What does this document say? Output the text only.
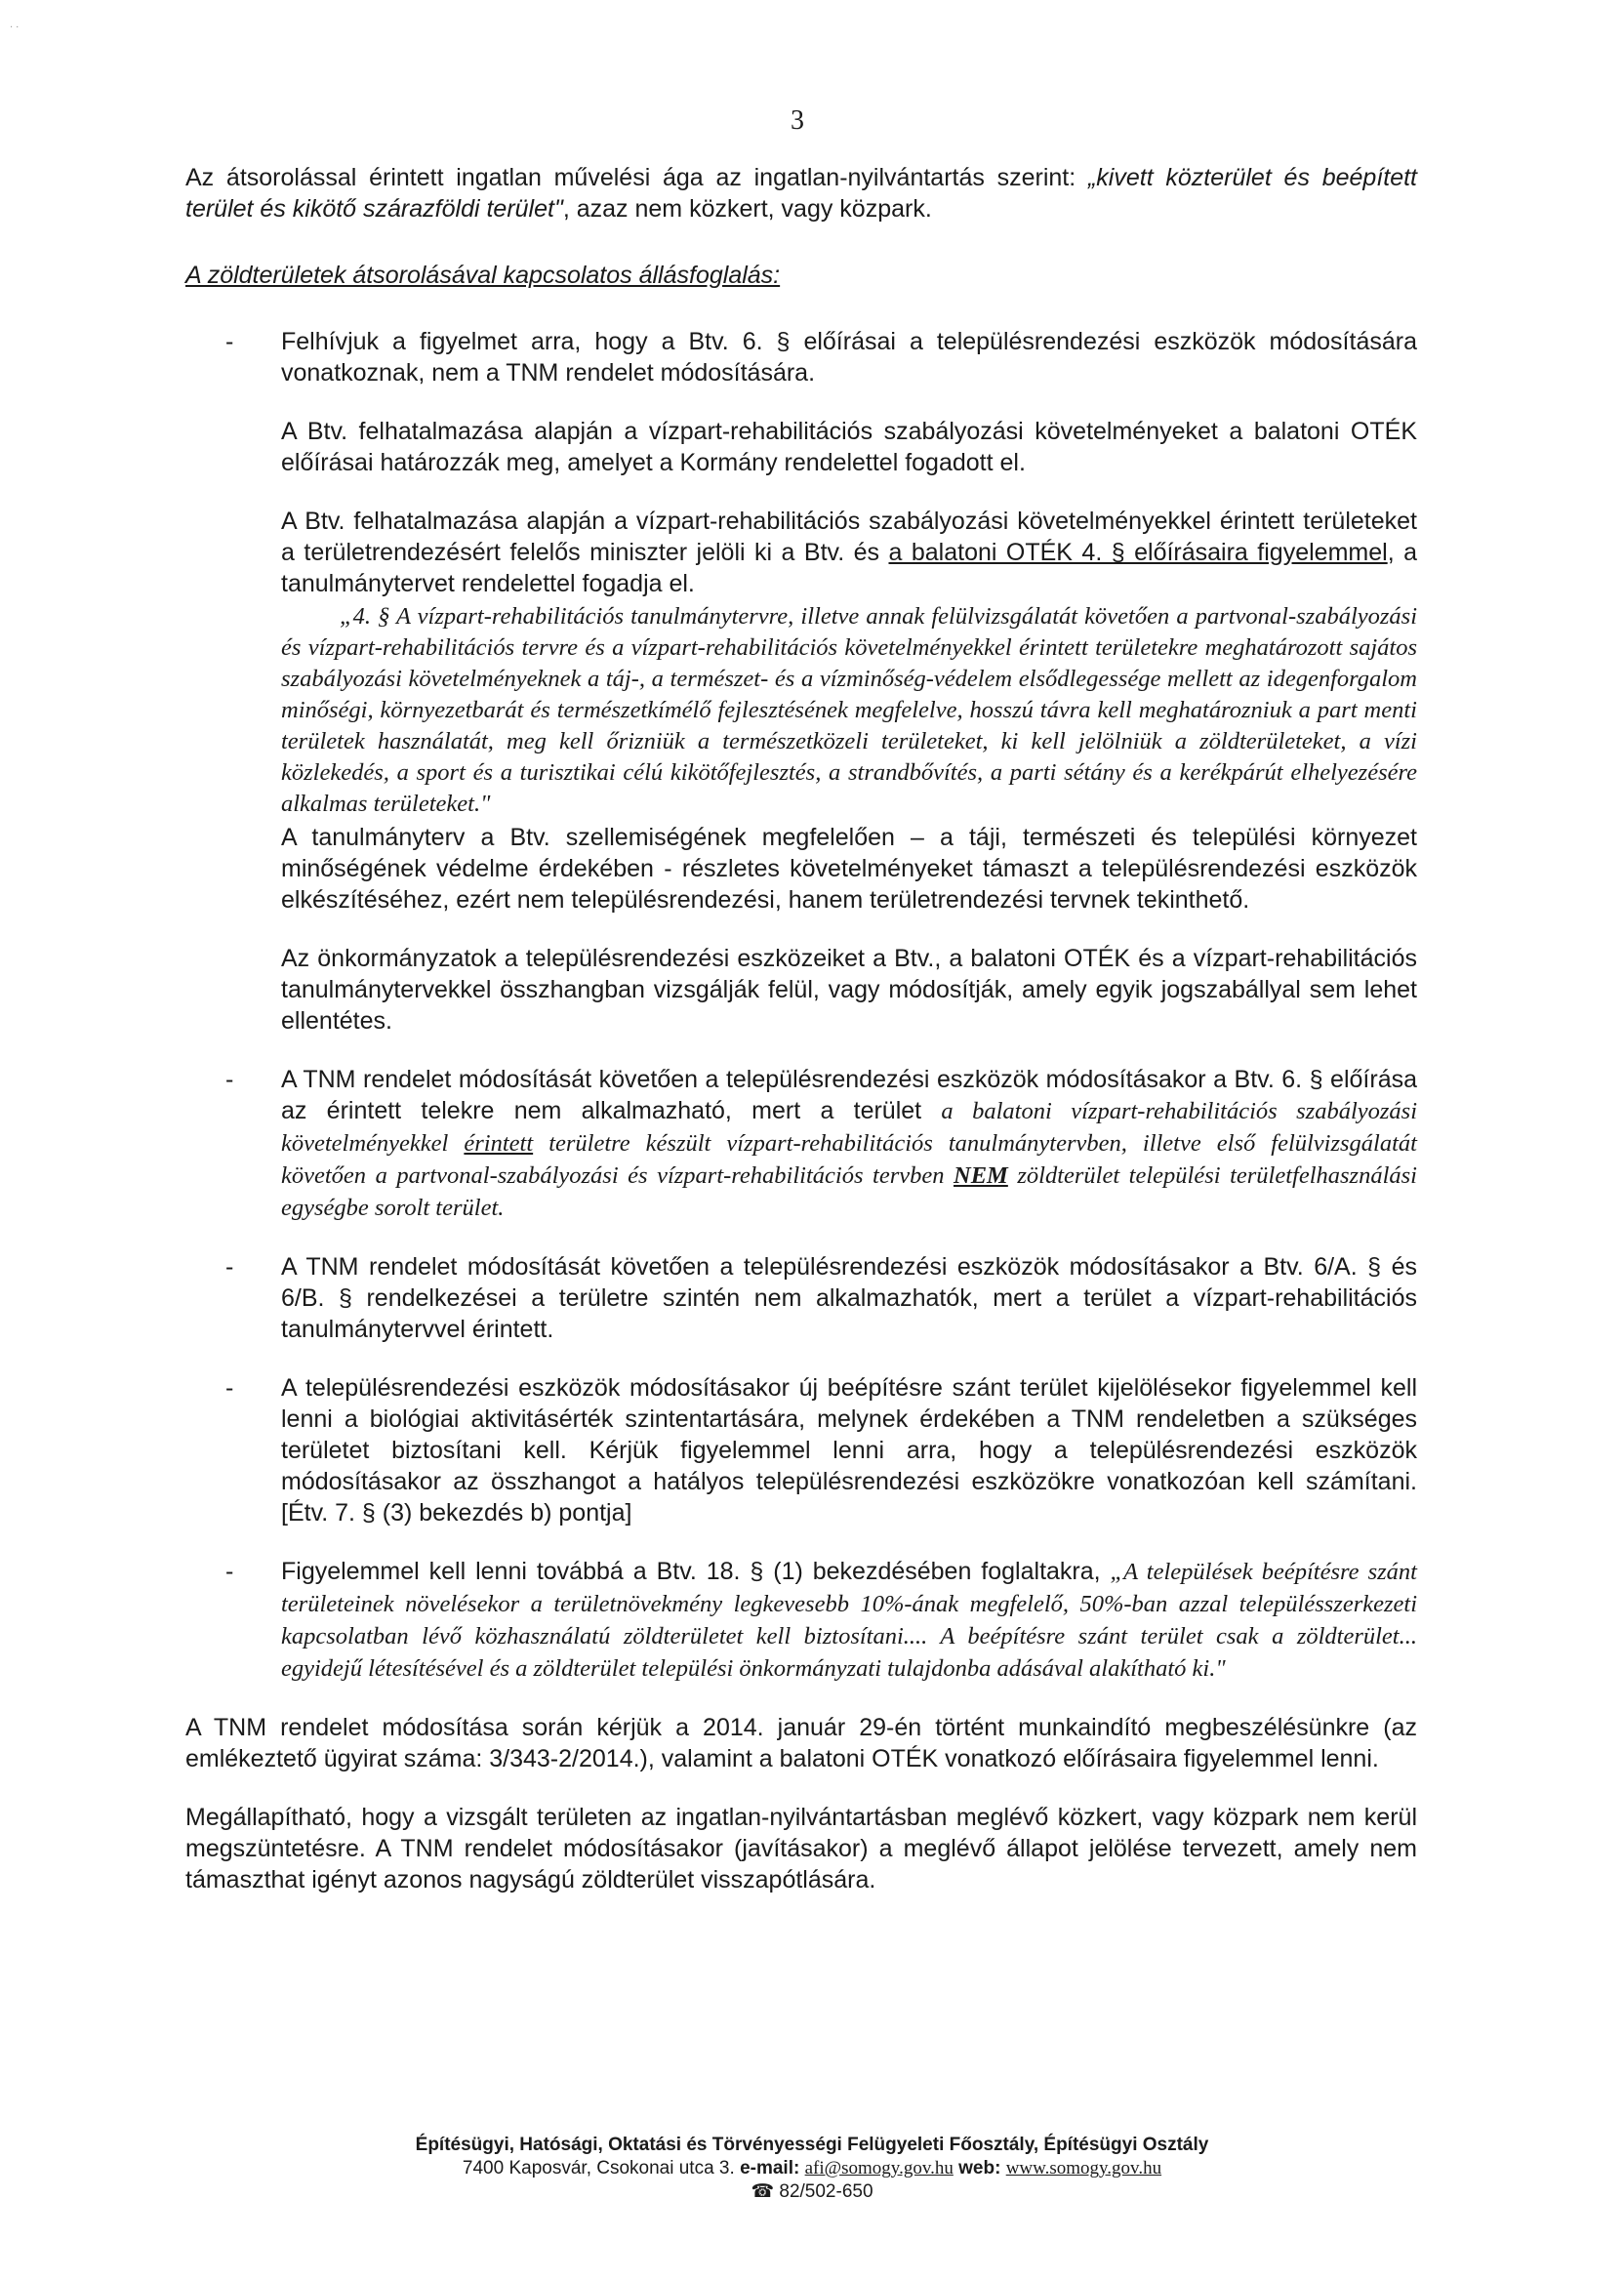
· ⸱
3

Az átsorolással érintett ingatlan művelési ága az ingatlan-nyilvántartás szerint: „kivett közterület és beépített terület és kikötő szárazföldi terület", azaz nem közkert, vagy közpark.

A zöldterületek átsorolásával kapcsolatos állásfoglalás:

- Felhívjuk a figyelmet arra, hogy a Btv. 6. § előírásai a településrendezési eszközök módosítására vonatkoznak, nem a TNM rendelet módosítására.

A Btv. felhatalmazása alapján a vízpart-rehabilitációs szabályozási követelményeket a balatoni OTÉK előírásai határozzák meg, amelyet a Kormány rendelettel fogadott el.

A Btv. felhatalmazása alapján a vízpart-rehabilitációs szabályozási követelményekkel érintett területeket a területrendezésért felelős miniszter jelöli ki a Btv. és a balatoni OTÉK 4. § előírásaira figyelemmel, a tanulmánytervet rendelettel fogadja el.

„4. § A vízpart-rehabilitációs tanulmánytervre, illetve annak felülvizsgálatát követően a partvonal-szabályozási és vízpart-rehabilitációs tervre és a vízpart-rehabilitációs követelményekkel érintett területekre meghatározott sajátos szabályozási követelményeknek a táj-, a természet- és a vízminőség-védelem elsődlegessége mellett az idegenforgalom minőségi, környezetbarát és természetkímélő fejlesztésének megfelelve, hosszú távra kell meghatározniuk a part menti területek használatát, meg kell őrizniük a természetközeli területeket, ki kell jelölniük a zöldterületeket, a vízi közlekedés, a sport és a turisztikai célú kikötőfejlesztés, a strandbővítés, a parti sétány és a kerékpárút elhelyezésére alkalmas területeket."

A tanulmányterv a Btv. szellemiségének megfelelően – a táji, természeti és települési környezet minőségének védelme érdekében - részletes követelményeket támaszt a településrendezési eszközök elkészítéséhez, ezért nem településrendezési, hanem területrendezési tervnek tekinthető.

Az önkormányzatok a településrendezési eszközeiket a Btv., a balatoni OTÉK és a vízpart-rehabilitációs tanulmánytervekkel összhangban vizsgálják felül, vagy módosítják, amely egyik jogszabállyal sem lehet ellentétes.

- A TNM rendelet módosítását követően a településrendezési eszközök módosításakor a Btv. 6. § előírása az érintett telekre nem alkalmazható, mert a terület a balatoni vízpart-rehabilitációs szabályozási követelményekkel érintett területre készült vízpart-rehabilitációs tanulmánytervben, illetve első felülvizsgálatát követően a partvonal-szabályozási és vízpart-rehabilitációs tervben NEM zöldterület települési területfelhasználási egységbe sorolt terület.

- A TNM rendelet módosítását követően a településrendezési eszközök módosításakor a Btv. 6/A. § és 6/B. § rendelkezései a területre szintén nem alkalmazhatók, mert a terület a vízpart-rehabilitációs tanulmánytervvel érintett.

- A településrendezési eszközök módosításakor új beépítésre szánt terület kijelölésekor figyelemmel kell lenni a biológiai aktivitásérték szintentartására, melynek érdekében a TNM rendeletben a szükséges területet biztosítani kell. Kérjük figyelemmel lenni arra, hogy a településrendezési eszközök módosításakor az összhangot a hatályos településrendezési eszközökre vonatkozóan kell számítani. [Étv. 7. § (3) bekezdés b) pontja]

- Figyelemmel kell lenni továbbá a Btv. 18. § (1) bekezdésében foglaltakra, „A települések beépítésre szánt területeinek növelésekor a területnövekmény legkevesebb 10%-ának megfelelő, 50%-ban azzal településszerkezeti kapcsolatban lévő közhasználatú zöldterületet kell biztosítani.... A beépítésre szánt terület csak a zöldterület... egyidejű létesítésével és a zöldterület települési önkormányzati tulajdonba adásával alakítható ki."

A TNM rendelet módosítása során kérjük a 2014. január 29-én történt munkaindító megbeszélésünkre (az emlékeztető ügyirat száma: 3/343-2/2014.), valamint a balatoni OTÉK vonatkozó előírásaira figyelemmel lenni.

Megállapítható, hogy a vizsgált területen az ingatlan-nyilvántartásban meglévő közkert, vagy közpark nem kerül megszüntetésre. A TNM rendelet módosításakor (javításakor) a meglévő állapot jelölése tervezett, amely nem támaszthat igényt azonos nagyságú zöldterület visszapótlására.

Építésügyi, Hatósági, Oktatási és Törvényességi Felügyeleti Főosztály, Építésügyi Osztály
7400 Kaposvár, Csokonai utca 3. e-mail: afi@somogy.gov.hu web: www.somogy.gov.hu
☎ 82/502-650
